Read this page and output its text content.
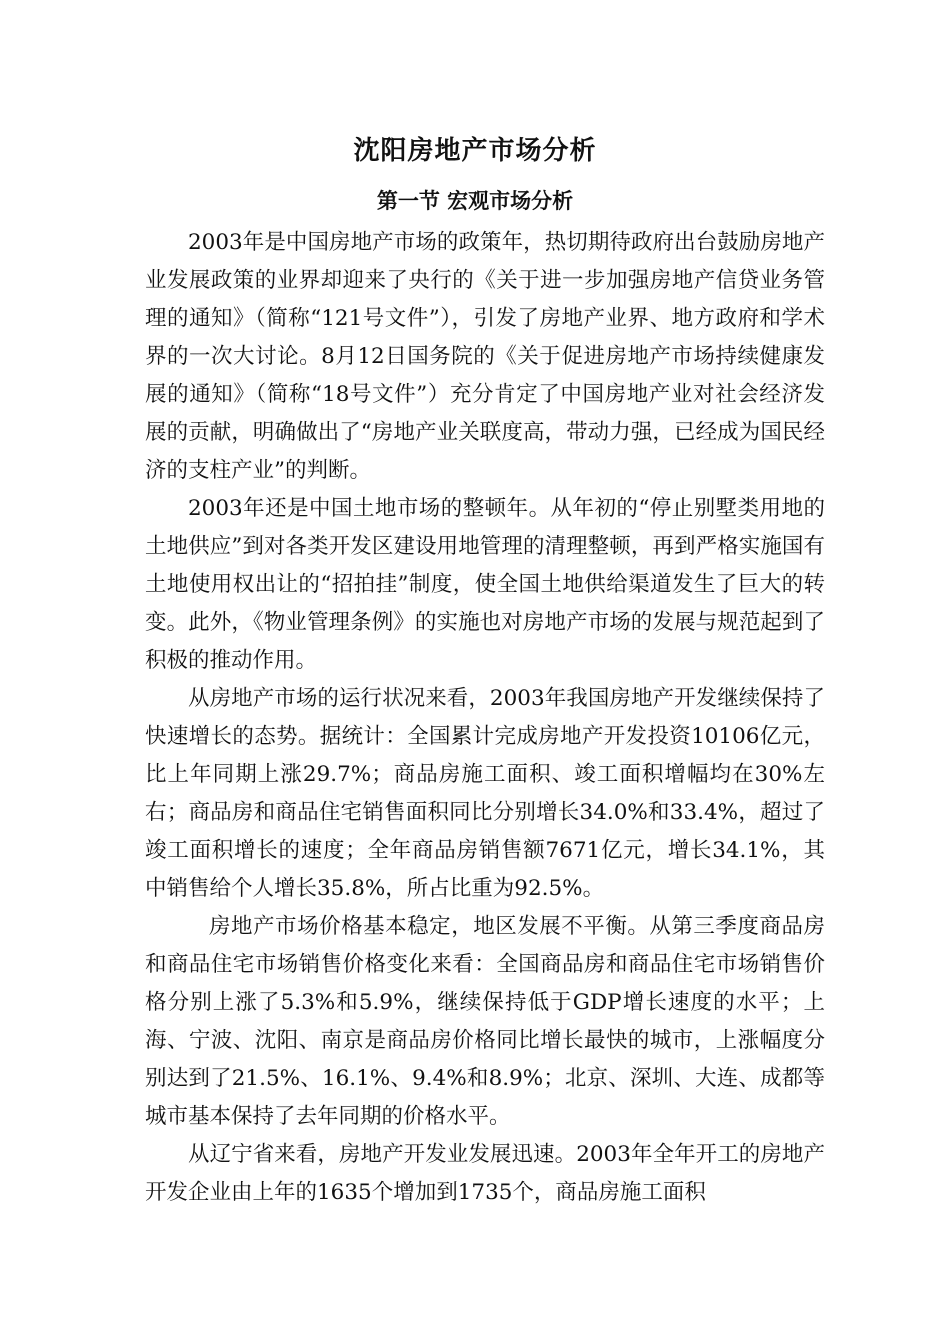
沈阳房地产市场分析
第一节 宏观市场分析

2003年是中国房地产市场的政策年，热切期待政府出台鼓励房地产业发展政策的业界却迎来了央行的《关于进一步加强房地产信贷业务管理的通知》（简称“121号文件”），引发了房地产业界、地方政府和学术界的一次大讨论。8月12日国务院的《关于促进房地产市场持续健康发展的通知》（简称“18号文件”）充分肯定了中国房地产业对社会经济发展的贡献，明确做出了“房地产业关联度高，带动力强，已经成为国民经济的支柱产业”的判断。

2003年还是中国土地市场的整顿年。从年初的“停止别墅类用地的土地供应”到对各类开发区建设用地管理的清理整顿，再到严格实施国有土地使用权出让的“招拍挂”制度，使全国土地供给渠道发生了巨大的转变。此外，《物业管理条例》的实施也对房地产市场的发展与规范起到了积极的推动作用。

从房地产市场的运行状况来看，2003年我国房地产开发继续保持了快速增长的态势。据统计：全国累计完成房地产开发投资10106亿元，比上年同期上涨29.7%；商品房施工面积、竣工面积增幅均在30%左右；商品房和商品住宅销售面积同比分别增长34.0%和33.4%，超过了竣工面积增长的速度；全年商品房销售额7671亿元，增长34.1%，其中销售给个人增长35.8%，所占比重为92.5%。

房地产市场价格基本稳定，地区发展不平衡。从第三季度商品房和商品住宅市场销售价格变化来看：全国商品房和商品住宅市场销售价格分别上涨了5.3%和5.9%，继续保持低于GDP增长速度的水平；上海、宁波、沈阳、南京是商品房价格同比增长最快的城市，上涨幅度分别达到了21.5%、16.1%、9.4%和8.9%；北京、深圳、大连、成都等城市基本保持了去年同期的价格水平。

从辽宁省来看，房地产开发业发展迅速。2003年全年开工的房地产开发企业由上年的1635个增加到1735个，商品房施工面积
